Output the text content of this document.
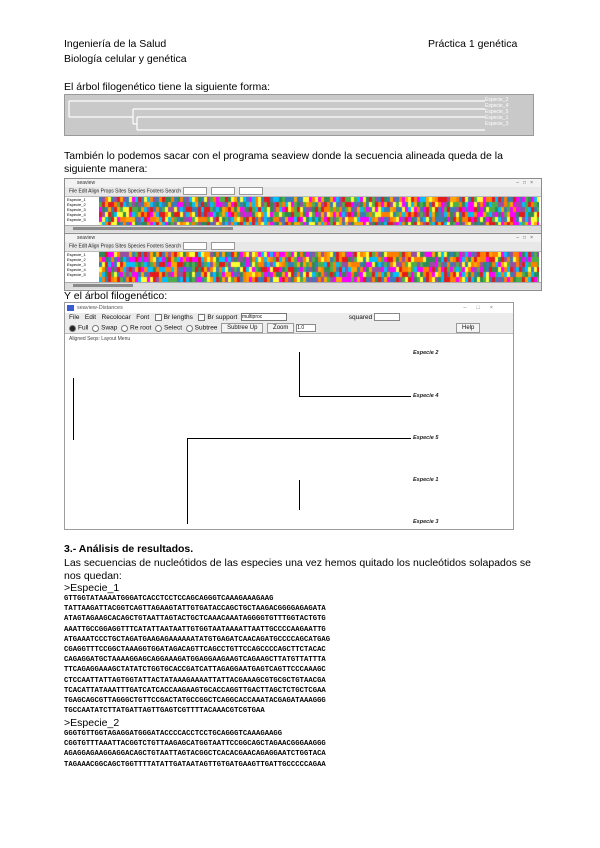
Ingeniería de la Salud
Biología celular y genética
Práctica 1 genética
El árbol filogenético tiene la siguiente forma:
Especie_2
Especie_4
Especie_5
Especie_1
Especie_3
También lo podemos sacar con el programa seaview donde la secuencia alineada queda de la siguiente manera:
seaview	–□×
File Edit Align Props Sites Species Footers Search
Especie_1
Especie_2
Especie_3
Especie_4
Especie_5
seaview	–□×
File Edit Align Props Sites Species Footers Search
Especie_1
Especie_2
Especie_3
Especie_4
Especie_5
Y el árbol filogenético:
seaview-Distances	–□×
File Edit Recolocar Font Br lengths Br support multiproc	squared
Full Swap Re root Select Subtree Subtree Up	Zoom 1.0	Help
Aligned Seqs: Layout Menu
Especie 2
Especie 4
Especie 5
Especie 1
Especie 3
3.- Análisis de resultados.
Las secuencias de nucleótidos de las especies una vez hemos quitado los nucleótidos solapados se nos quedan:
>Especie_1
GTTGGTATAAAATGGGATCACCTCCTCCAGCAGGGTCAAAGAAAGAAG
TATTAAGATTACGGTCAGTTAGAAGTATTGTGATACCAGCTGCTAAGACGGGGAGAGATA
ATAGTAGAAGCACAGCTGTAATTAGTACTGCTCAAACAAATAGGGGTGTTTGGTACTGTG
AAATTGCCGGAGGTTTCATATTAATAATTGTGGTAATAAAATTAATTGCCCCAAGAATTG
ATGAAATCCCTGCTAGATGAAGAGAAAAAATATGTGAGATCAACAGATGCCCCAGCATGAG
CGAGGTTTCCGGCTAAAGGTGGATAGACAGTTCAGCCTGTTCCAGCCCCAGCTTCTACAC
CAGAGGATGCTAAAAGGAGCAGGAAAGATGGAGGAAGAAGTCAGAAGCTTATGTTATTTA
TTCAGAGGAAAGCTATATCTGGTGCACCGATCATTAGAGGAATGAGTCAGTTCCCAAAGC
CTCCAATTATTAGTGGTATTACTATAAAGAAAATTATTACGAAAGCGTGCGCTGTAACGA
TCACATTATAAATTTGATCATCACCAAGAAGTGCACCAGGTTGACTTAGCTCTGCTCGAA
TGAGCAGCGTTAGGGCTGTTCCGACTATGCCGGCTCAGGCACCAAATACGAGATAAAGGG
TGCCAATATCTTATGATTAGTTGAGTCGTTTTACAAACGTCGTGAA
>Especie_2
GGGTGTTGGTAGAGGATGGGATACCCCACCTCCTGCAGGGTCAAAGAAGG
CGGTGTTTAAATTACGGTCTGTTAAGAGCATGGTAATTCCGGCAGCTAGAACGGGAAGGG
AGAGGAGAAGGAGGACAGCTGTAATTAGTACGGCTCACACGAACAGAGGAATCTGGTACA
TAGAAACGGCAGCTGGTTTTATATTGATAATAGTTGTGATGAAGTTGATTGCCCCCAGAA
